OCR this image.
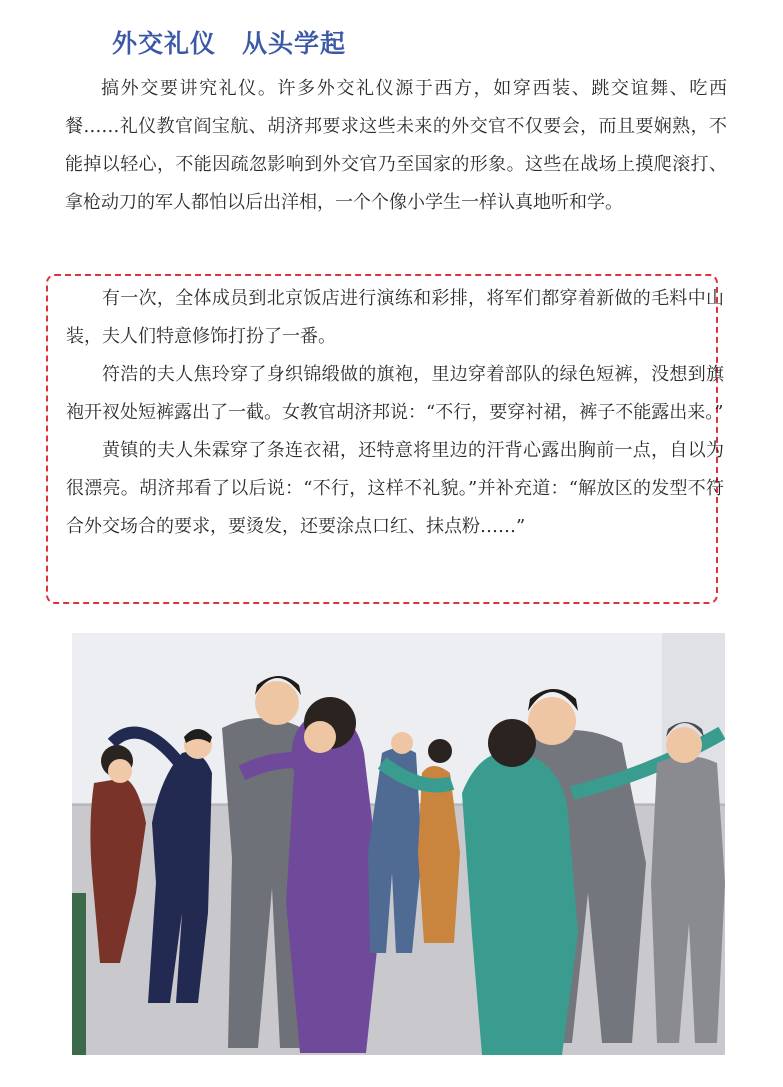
外交礼仪 从头学起

搞外交要讲究礼仪。许多外交礼仪源于西方，如穿西装、跳交谊舞、吃西餐……礼仪教官阎宝航、胡济邦要求这些未来的外交官不仅要会，而且要娴熟，不能掉以轻心，不能因疏忽影响到外交官乃至国家的形象。这些在战场上摸爬滚打、拿枪动刀的军人都怕以后出洋相，一个个像小学生一样认真地听和学。

有一次，全体成员到北京饭店进行演练和彩排，将军们都穿着新做的毛料中山装，夫人们特意修饰打扮了一番。

符浩的夫人焦玲穿了身织锦缎做的旗袍，里边穿着部队的绿色短裤，没想到旗袍开衩处短裤露出了一截。女教官胡济邦说：“不行，要穿衬裙，裤子不能露出来。”

黄镇的夫人朱霖穿了条连衣裙，还特意将里边的汗背心露出胸前一点，自以为很漂亮。胡济邦看了以后说：“不行，这样不礼貌。”并补充道：“解放区的发型不符合外交场合的要求，要烫发，还要涂点口红、抹点粉……”
